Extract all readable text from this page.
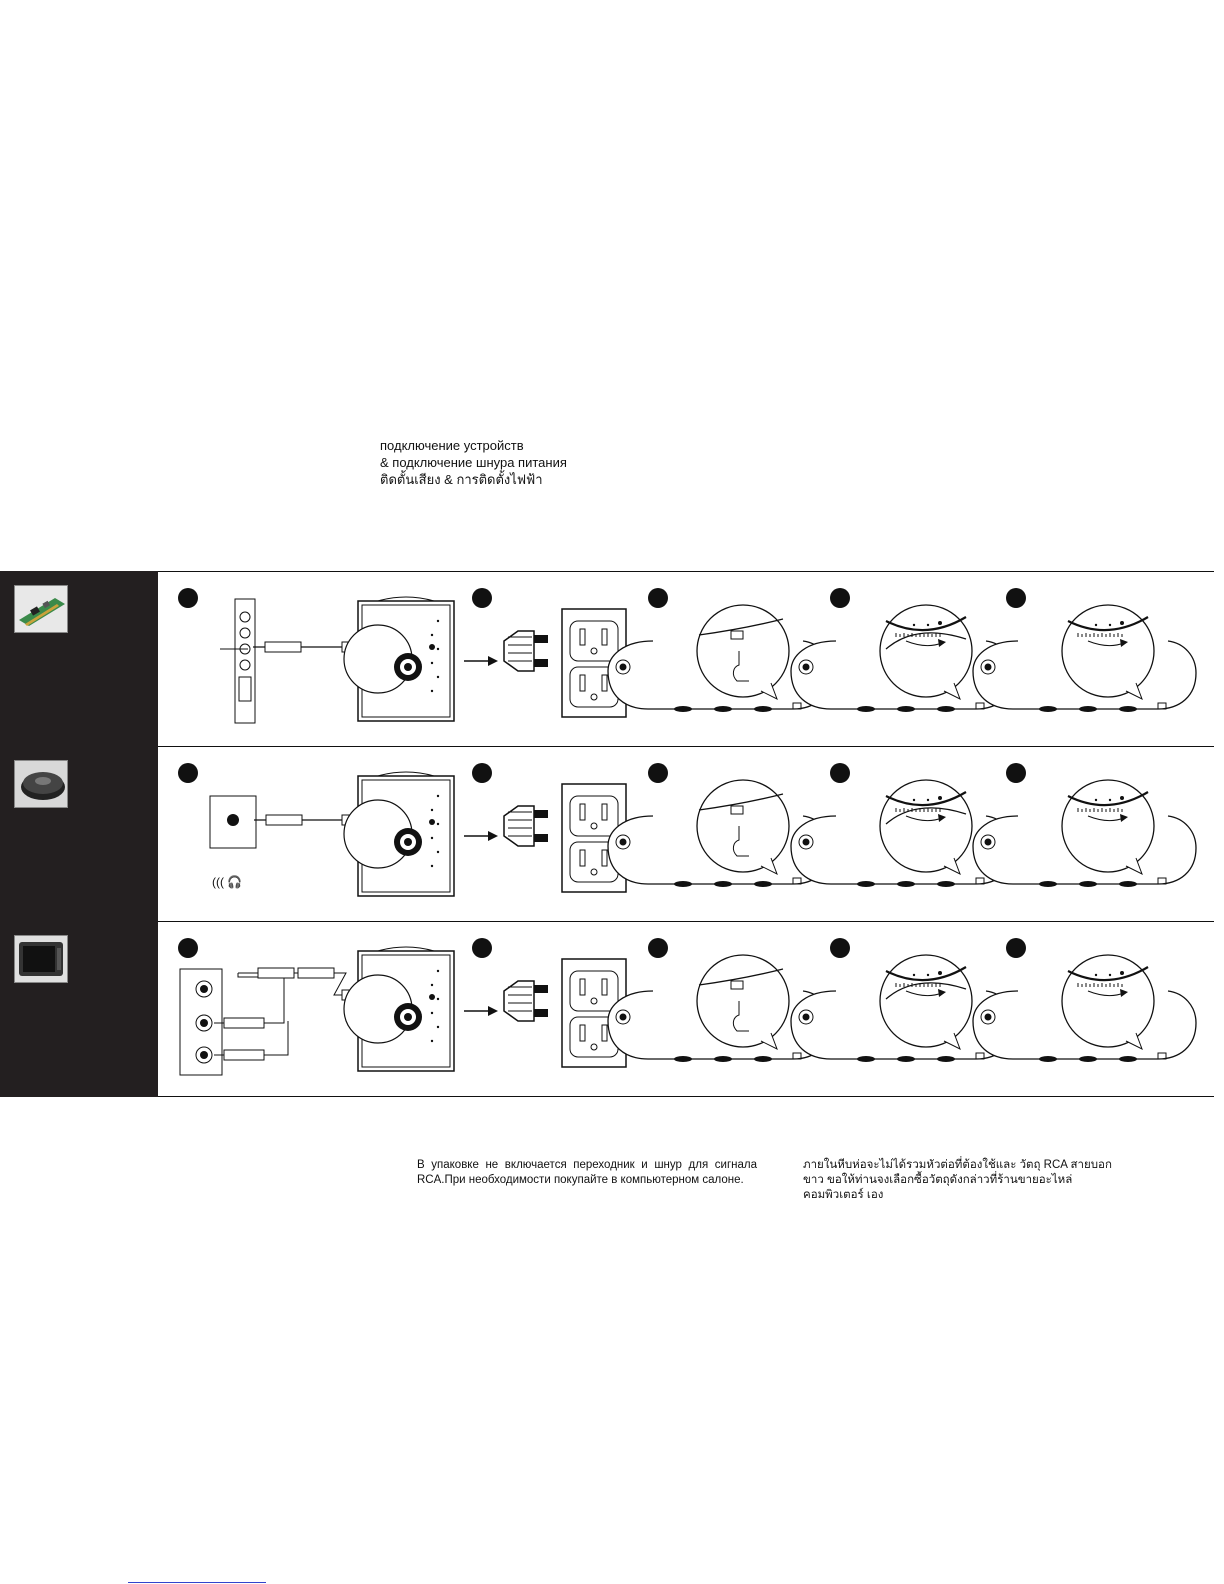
подключение устройств
& подключение шнура питания
ติดตั้นเสียง & การติดตั้งไฟฟ้า
((( 🎧
В упаковке не включается переходник и шнур для сигнала RCA.При необходимости покупайте в компьютерном салоне.
ภายในหีบห่อจะไม่ได้รวมหัวต่อที่ต้องใช้และ วัตถุ RCA สายบอก ขาว ขอให้ท่านจงเลือกซื้อวัตถุดังกล่าวที่ร้านขายอะไหล่คอมพิวเตอร์ เอง
